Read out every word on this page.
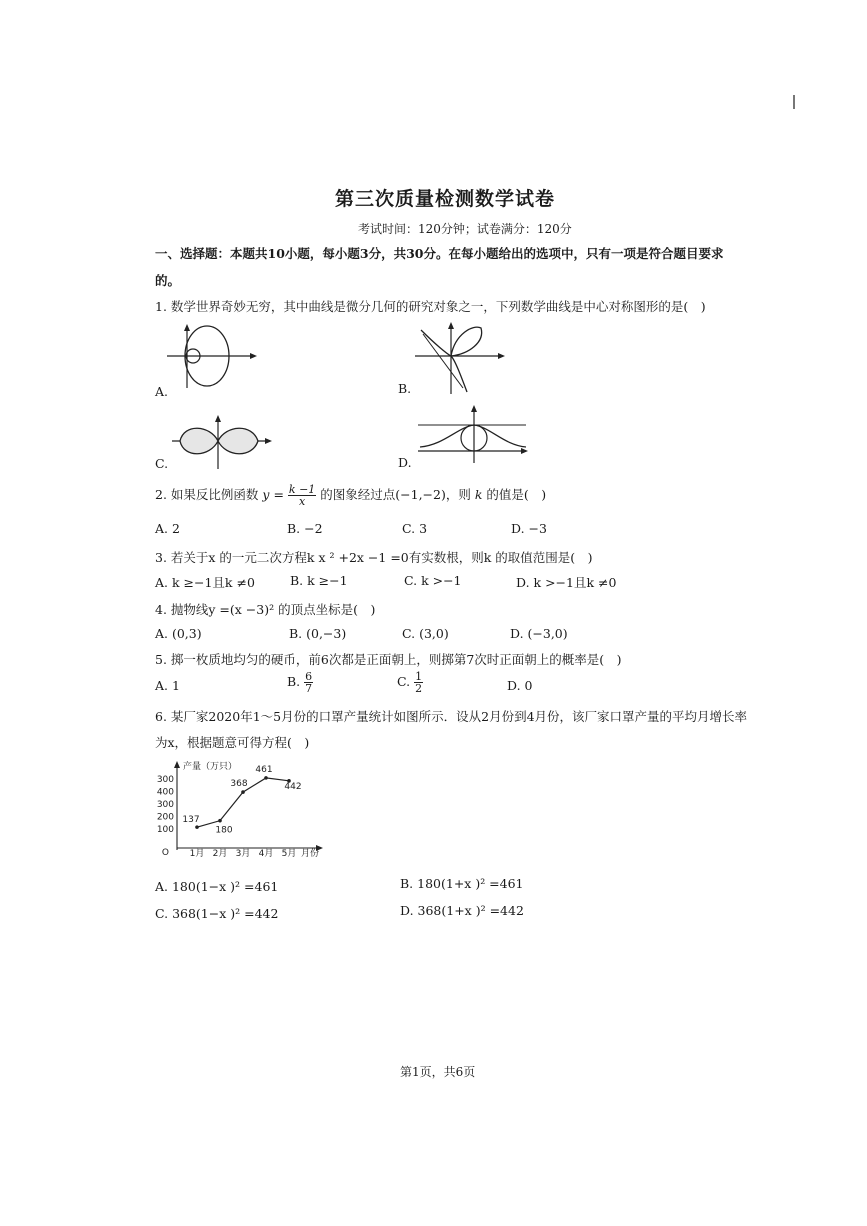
第三次质量检测数学试卷
考试时间：120分钟；试卷满分：120分
一、选择题：本题共10小题，每小题3分，共30分。在每小题给出的选项中，只有一项是符合题目要求
的。
1. 数学世界奇妙无穷，其中曲线是微分几何的研究对象之一，下列数学曲线是中心对称图形的是(　)
A.	B.
C.	D.
2. 如果反比例函数 $y = \frac{k -1}{x}$ 的图象经过点(−1,−2)，则 k 的值是(　)
A. 2	B. −2	C. 3	D. −3
3. 若关于x 的一元二次方程k x ² +2x −1 =0有实数根，则k 的取值范围是(　)
A. k ≥−1且k ≠0	B. k ≥−1	C. k >−1	D. k >−1且k ≠0
4. 抛物线y =(x −3)² 的顶点坐标是(　)
A. (0,3)	B. (0,−3)	C. (3,0)	D. (−3,0)
5. 掷一枚质地均匀的硬币，前6次都是正面朝上，则掷第7次时正面朝上的概率是(　)
A. 1	B. $\frac{6}{7}$	C. $\frac{1}{2}$	D. 0
6. 某厂家2020年1～5月份的口罩产量统计如图所示．设从2月份到4月份，该厂家口罩产量的平均月增长率
为x，根据题意可得方程(　)
产量（万只）
O
300
400
300
200
100
1月 2月 3月 4月 5月 月份
137
180
368
461
442
A. 180(1−x )² =461	B. 180(1+x )² =461
C. 368(1−x )² =442	D. 368(1+x )² =442
第1页，共6页
